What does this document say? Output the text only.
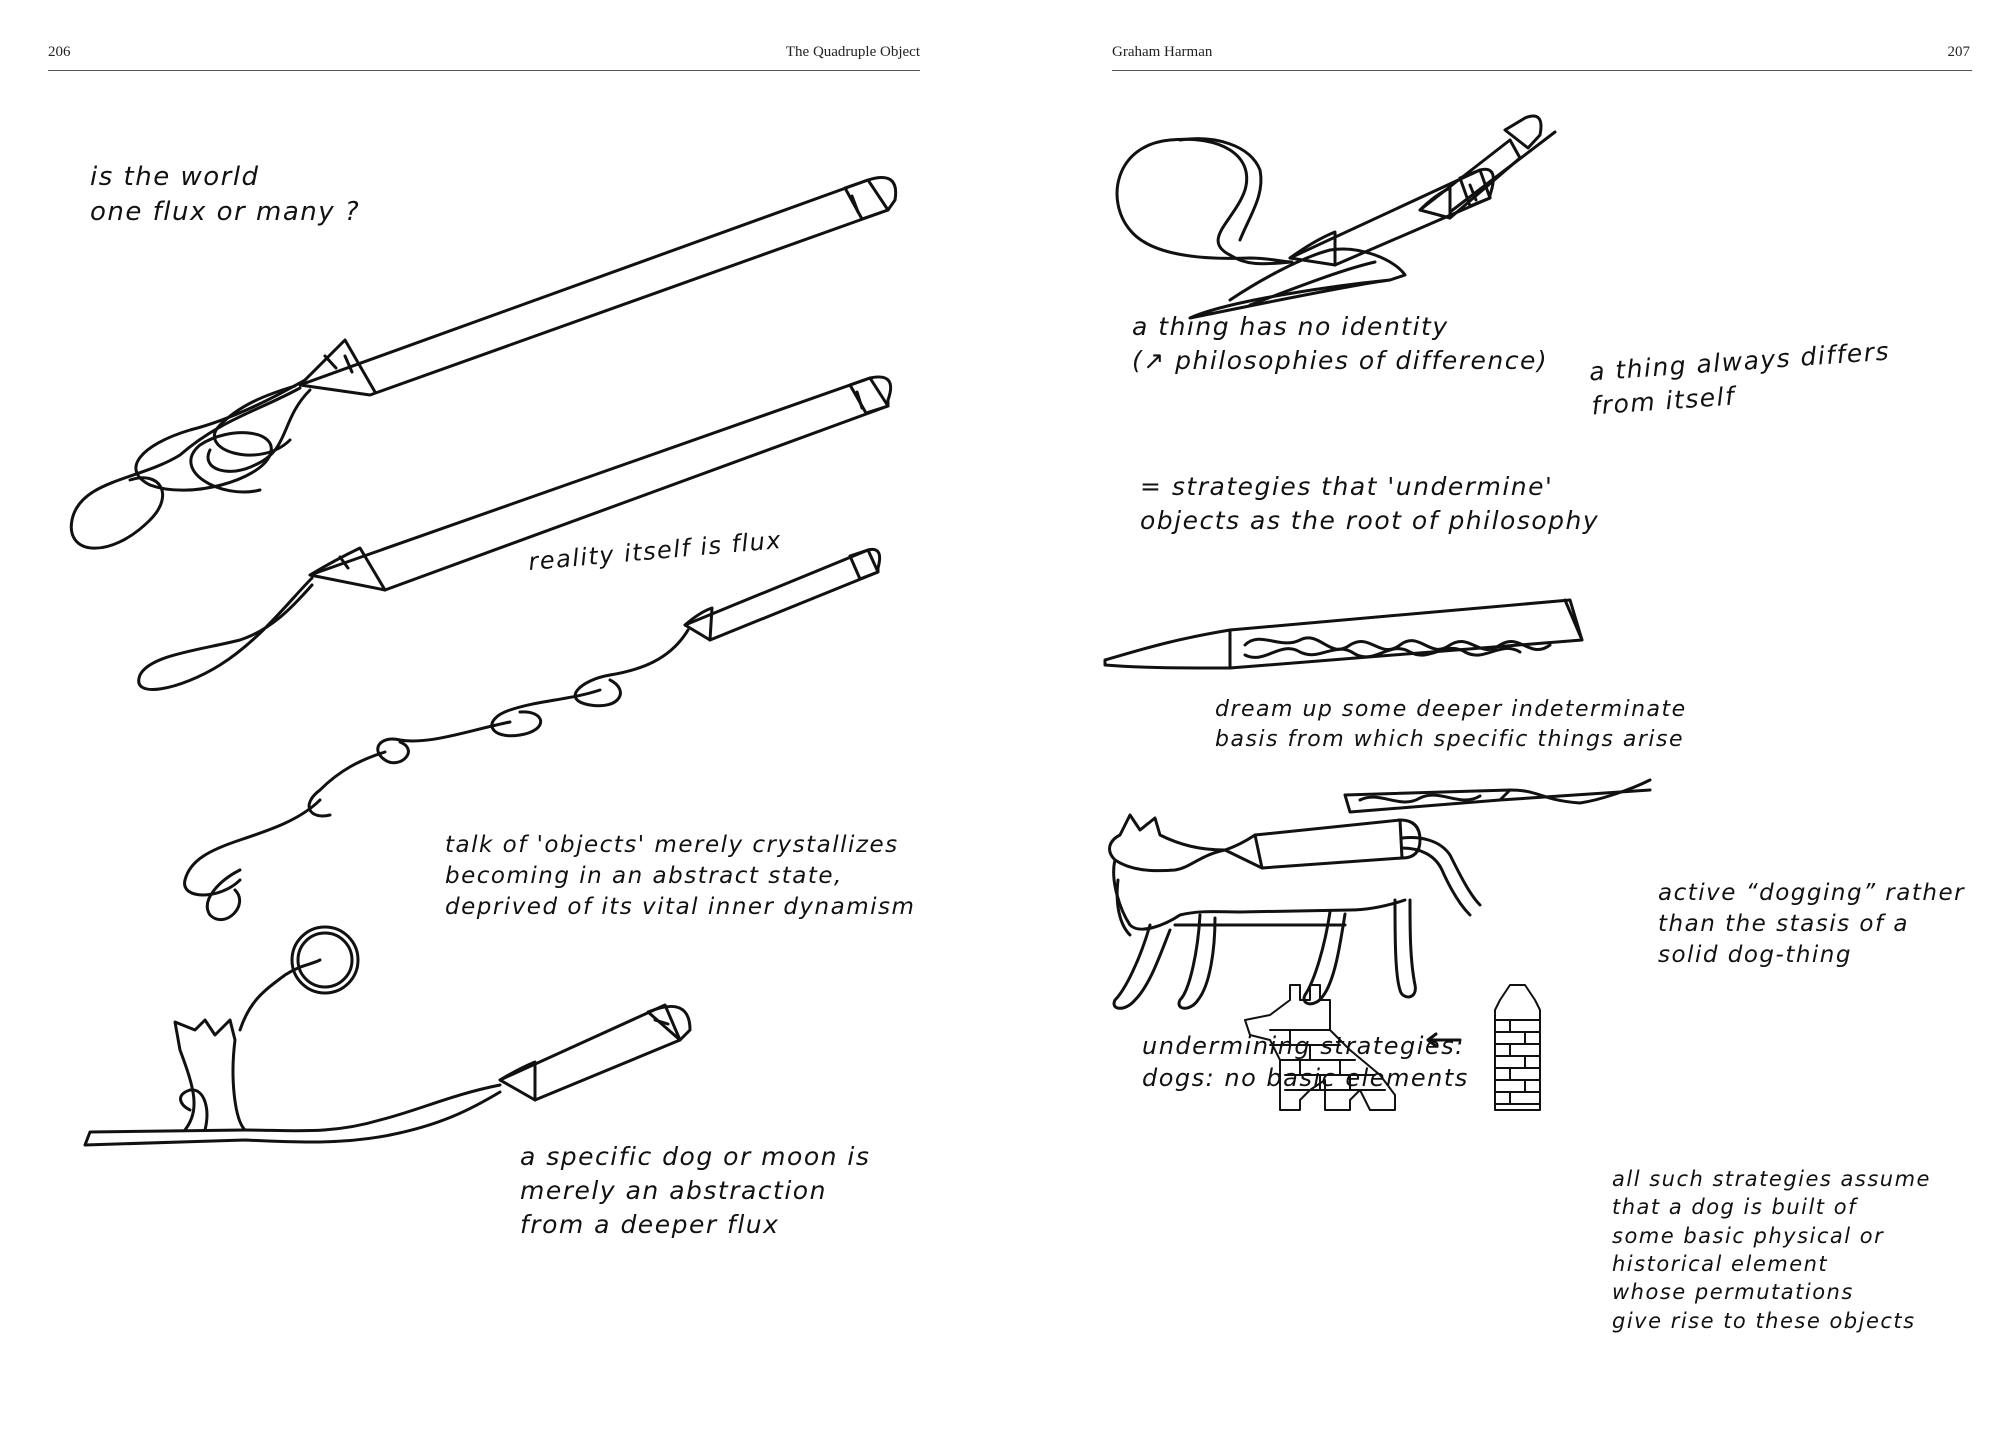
206	The Quadruple Object
is the world
one flux or many ?
reality itself is flux
talk of 'objects' merely crystallizes
becoming in an abstract state,
deprived of its vital inner dynamism
a specific dog or moon is
merely an abstraction
from a deeper flux
Graham Harman	207
a thing has no identity
(↗ philosophies of difference) a thing always differs
from itself
= strategies that 'undermine'
objects as the root of philosophy
dream up some deeper indeterminate
basis from which specific things arise
active “dogging” rather
than the stasis of a
solid dog-thing
undermining strategies:
dogs: no basic elements
all such strategies assume
that a dog is built of
some basic physical or
historical element
whose permutations
give rise to these objects
